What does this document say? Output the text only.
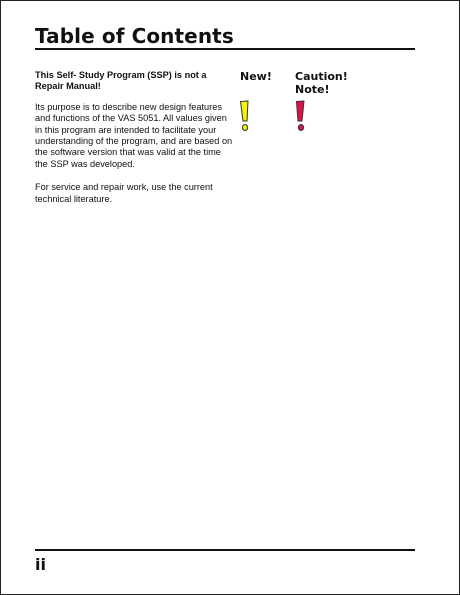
Table of Contents

This Self- Study Program (SSP) is not a Repair Manual!

Its purpose is to describe new design features and functions of the VAS 5051. All values given in this program are intended to facilitate your understanding of the program, and are based on the software version that was valid at the time the SSP was developed.

For service and repair work, use the current technical literature.

New! Caution! Note!
ii
